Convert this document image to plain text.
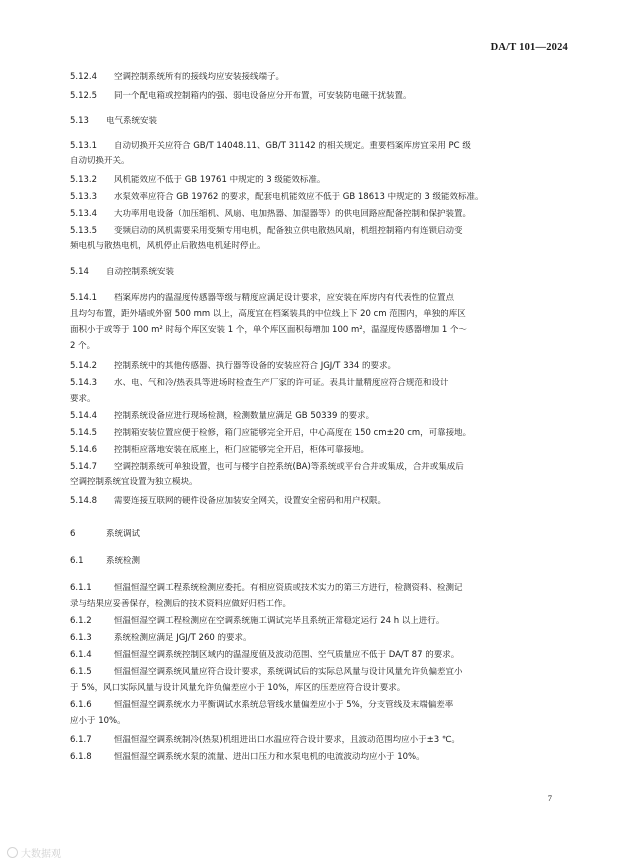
DA/T 101—2024
5.12.4 空调控制系统所有的接线均应安装接线端子。
5.12.5 同一个配电箱或控制箱内的强、弱电设备应分开布置，可安装防电磁干扰装置。
5.13 电气系统安装
5.13.1 自动切换开关应符合 GB/T 14048.11、GB/T 31142 的相关规定。重要档案库房宜采用 PC 级
自动切换开关。
5.13.2 风机能效应不低于 GB 19761 中规定的 3 级能效标准。
5.13.3 水泵效率应符合 GB 19762 的要求，配套电机能效应不低于 GB 18613 中规定的 3 级能效标准。
5.13.4 大功率用电设备（加压缩机、风扇、电加热器、加湿器等）的供电回路应配备控制和保护装置。
5.13.5 变频启动的风机需要采用变频专用电机，配备独立供电散热风扇，机组控制箱内有连锁启动变
频电机与散热电机，风机停止后散热电机延时停止。
5.14 自动控制系统安装
5.14.1 档案库房内的温湿度传感器等级与精度应满足设计要求，应安装在库房内有代表性的位置点
且均匀布置，距外墙或外窗 500 mm 以上，高度宜在档案装具的中位线上下 20 cm 范围内，单独的库区
面积小于或等于 100 m² 时每个库区安装 1 个，单个库区面积每增加 100 m²，温湿度传感器增加 1 个～
2 个。
5.14.2 控制系统中的其他传感器、执行器等设备的安装应符合 JGJ/T 334 的要求。
5.14.3 水、电、气和冷/热表具等进场时检查生产厂家的许可证。表具计量精度应符合规范和设计
要求。
5.14.4 控制系统设备应进行现场检测，检测数量应满足 GB 50339 的要求。
5.14.5 控制箱安装位置应便于检修，箱门应能够完全开启，中心高度在 150 cm±20 cm，可靠接地。
5.14.6 控制柜应落地安装在底座上，柜门应能够完全开启，柜体可靠接地。
5.14.7 空调控制系统可单独设置，也可与楼宇自控系统(BA)等系统或平台合并或集成，合并或集成后
空调控制系统宜设置为独立模块。
5.14.8 需要连接互联网的硬件设备应加装安全网关，设置安全密码和用户权限。
6	系统调试
6.1	系统检测
6.1.1	恒温恒湿空调工程系统检测应委托。有相应资质或技术实力的第三方进行，检测资料、检测记
录与结果应妥善保存，检测后的技术资料应做好归档工作。
6.1.2	恒温恒湿空调工程检测应在空调系统施工调试完毕且系统正常稳定运行 24 h 以上进行。
6.1.3	系统检测应满足 JGJ/T 260 的要求。
6.1.4	恒温恒湿空调系统控制区域内的温湿度值及波动范围、空气质量应不低于 DA/T 87 的要求。
6.1.5	恒温恒湿空调系统风量应符合设计要求，系统调试后的实际总风量与设计风量允许负偏差宜小
于 5%，风口实际风量与设计风量允许负偏差应小于 10%，库区的压差应符合设计要求。
6.1.6	恒温恒湿空调系统水力平衡调试水系统总管线水量偏差应小于 5%，分支管线及末端偏差率
应小于 10%。
6.1.7	恒温恒湿空调系统制冷(热泵)机组进出口水温应符合设计要求，且波动范围均应小于±3 ℃。
6.1.8	恒温恒湿空调系统水泵的流量、进出口压力和水泵电机的电流波动均应小于 10%。
7
大数据观
